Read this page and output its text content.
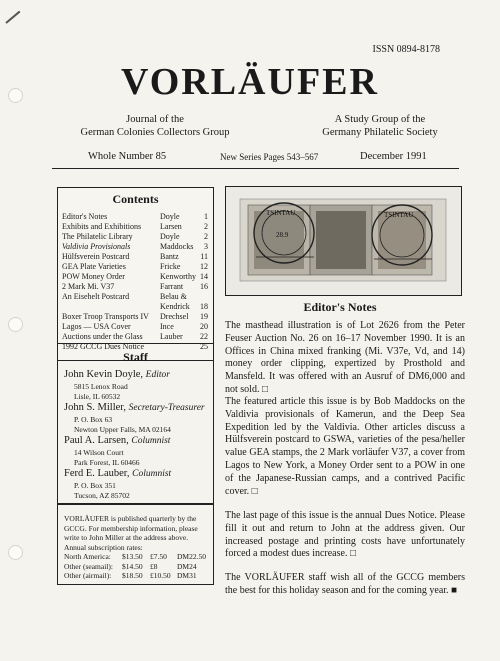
ISSN 0894-8178
VORLÄUFER
Journal of the
German Colonies Collectors Group
A Study Group of the
Germany Philatelic Society
Whole Number 85	New Series Pages 543–567	December 1991
Contents
Editor's Notes	Doyle	1
Exhibits and Exhibitions Larsen	2
The Philatelic Library	Doyle	2
Valdivia Provisionals	Maddocks 3
Hülfsverein Postcard	Bantz	11
GEA Plate Varieties	Fricke 12
POW Money Order	Kenworthy 14
2 Mark Mi. V37	Farrant 16
An Eisehelt Postcard	Belau &
Kendrick 18
Boxer Troop Transports IV Drechsel 19
Lagos — USA Cover	Ince	20
Auctions under the Glass Lauber 22
1992 GCCG Dues Notice	25
Staff
John Kevin Doyle, Editor
5815 Lenox Road
Lisle, IL 60532
John S. Miller, Secretary-Treasurer
P. O. Box 63
Newton Upper Falls, MA 02164
Paul A. Larsen, Columnist
14 Wilson Court
Park Forest, IL 60466
Ferd E. Lauber, Columnist
P. O. Box 351
Tucson, AZ 85702
VORLÄUFER is published quarterly by the GCCG. For membership information, please write to John Miller at the address above. Annual subscription rates:
North America: $13.50 £7.50 DM22.50
Other (seamail): $14.50 £8	DM24
Other (airmail): $18.50 £10.50 DM31
TSINTAU	TSINTAU
28.9
Editor's Notes
The masthead illustration is of Lot 2626 from the Peter Feuser Auction No. 26 on 16–17 November 1990. It is an Offices in China mixed franking (Mi. V37e, Vd, and 14) money order clipping, expertized by Prosthold and Mansfeld. It was offered with an Ausruf of DM6,000 and not sold. □
The featured article this issue is by Bob Maddocks on the Valdivia provisionals of Kamerun, and the Deep Sea Expedition led by the Valdivia. Other articles discuss a Hülfsverein postcard to GSWA, varieties of the pesa/heller value GEA stamps, the 2 Mark vorläufer V37, a cover from Lagos to New York, a Money Order sent to a POW in one of the Japanese-Russian camps, and a contrived Pacific cover. □
The last page of this issue is the annual Dues Notice. Please fill it out and return to John at the address given. Our increased postage and printing costs have unfortunately forced a modest dues increase. □
The VORLÄUFER staff wish all of the GCCG members the best for this holiday season and for the coming year. ■
